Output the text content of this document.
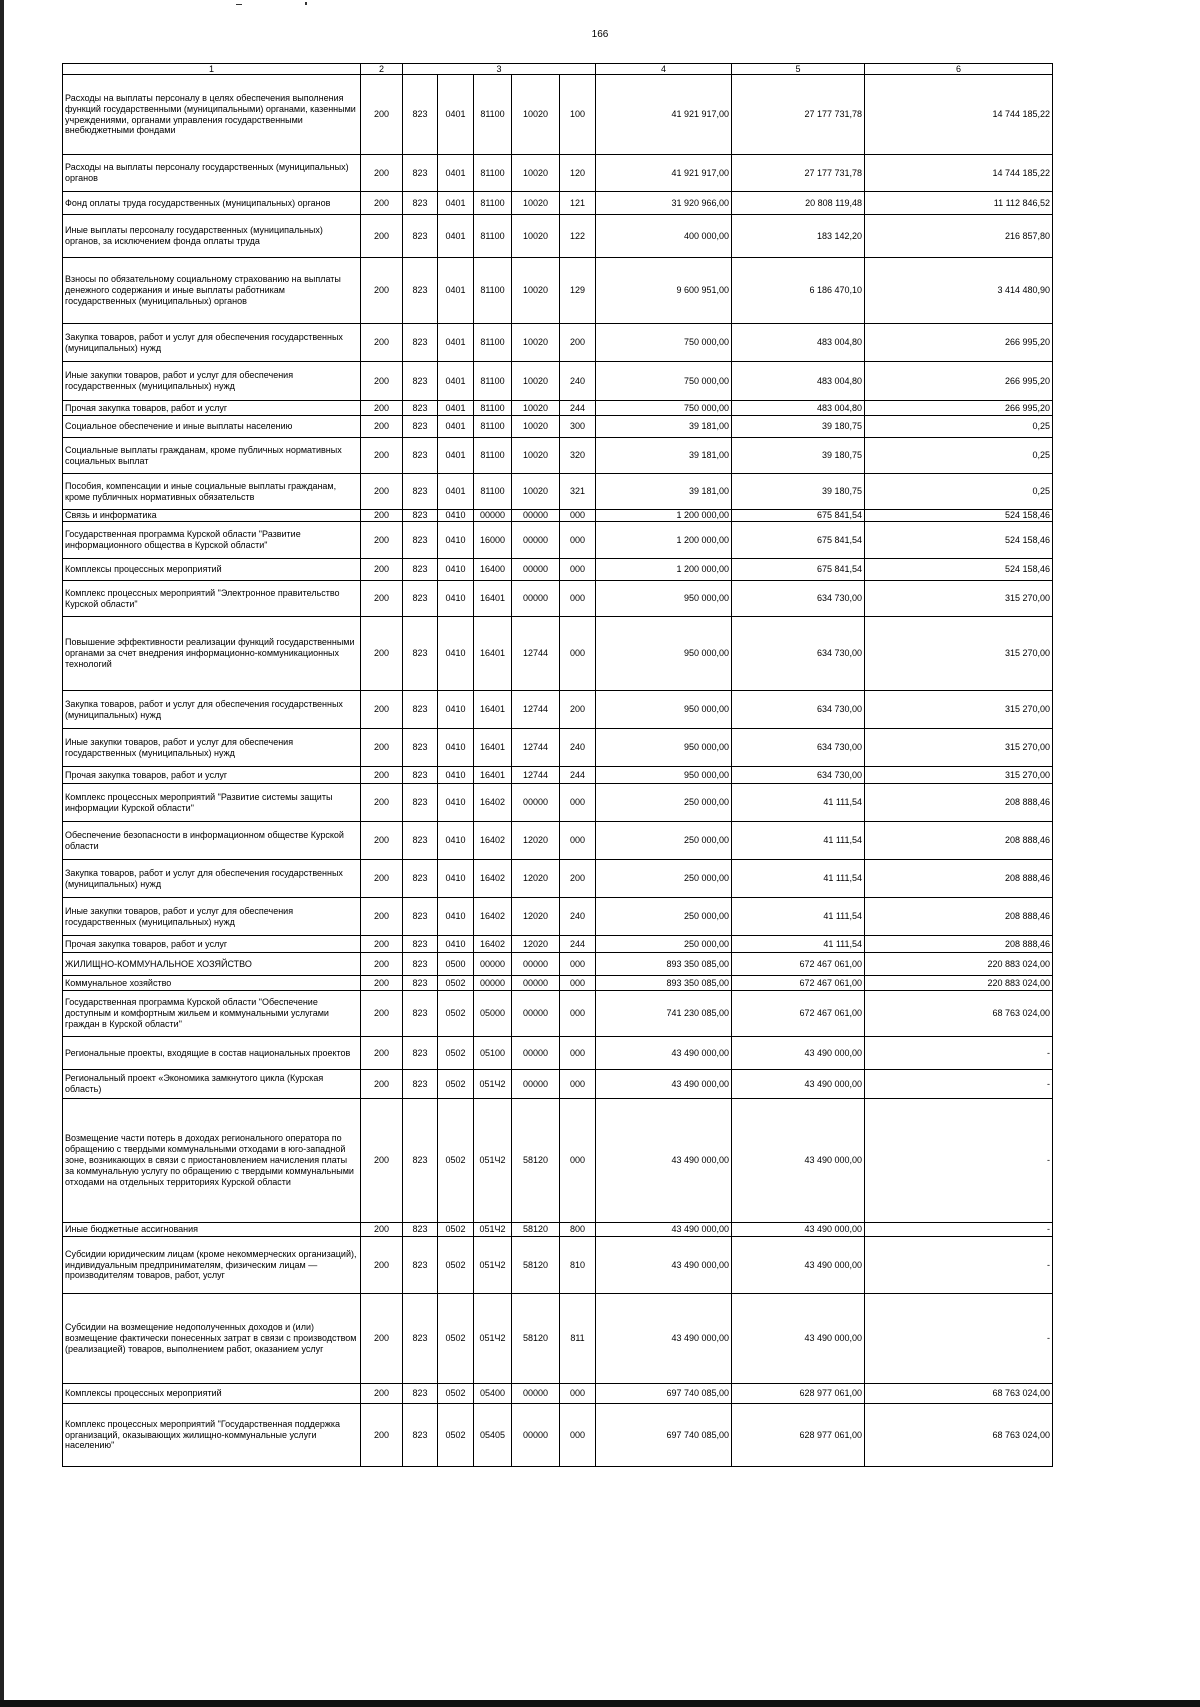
166
1	2	3					4	5	6
Расходы на выплаты персоналу в целях обеспечения выполнения функций государственными (муниципальными) органами, казенными учреждениями, органами управления государственными внебюджетными фондами	200	823	0401	81100	10020	100	41 921 917,00	27 177 731,78	14 744 185,22
Расходы на выплаты персоналу государственных (муниципальных) органов	200	823	0401	81100	10020	120	41 921 917,00	27 177 731,78	14 744 185,22
Фонд оплаты труда государственных (муниципальных) органов	200	823	0401	81100	10020	121	31 920 966,00	20 808 119,48	11 112 846,52
Иные выплаты персоналу государственных (муниципальных) органов, за исключением фонда оплаты труда	200	823	0401	81100	10020	122	400 000,00	183 142,20	216 857,80
Взносы по обязательному социальному страхованию на выплаты денежного содержания и иные выплаты работникам государственных (муниципальных) органов	200	823	0401	81100	10020	129	9 600 951,00	6 186 470,10	3 414 480,90
Закупка товаров, работ и услуг для обеспечения государственных (муниципальных) нужд	200	823	0401	81100	10020	200	750 000,00	483 004,80	266 995,20
Иные закупки товаров, работ и услуг для обеспечения государственных (муниципальных) нужд	200	823	0401	81100	10020	240	750 000,00	483 004,80	266 995,20
Прочая закупка товаров, работ и услуг	200	823	0401	81100	10020	244	750 000,00	483 004,80	266 995,20
Социальное обеспечение и иные выплаты населению	200	823	0401	81100	10020	300	39 181,00	39 180,75	0,25
Социальные выплаты гражданам, кроме публичных нормативных социальных выплат	200	823	0401	81100	10020	320	39 181,00	39 180,75	0,25
Пособия, компенсации и иные социальные выплаты гражданам, кроме публичных нормативных обязательств	200	823	0401	81100	10020	321	39 181,00	39 180,75	0,25
Связь и информатика	200	823	0410	00000	00000	000	1 200 000,00	675 841,54	524 158,46
Государственная программа Курской области "Развитие информационного общества в Курской области"	200	823	0410	16000	00000	000	1 200 000,00	675 841,54	524 158,46
Комплексы процессных мероприятий	200	823	0410	16400	00000	000	1 200 000,00	675 841,54	524 158,46
Комплекс процессных мероприятий "Электронное правительство Курской области"	200	823	0410	16401	00000	000	950 000,00	634 730,00	315 270,00
Повышение эффективности реализации функций государственными органами за счет внедрения информационно-коммуникационных технологий	200	823	0410	16401	12744	000	950 000,00	634 730,00	315 270,00
Закупка товаров, работ и услуг для обеспечения государственных (муниципальных) нужд	200	823	0410	16401	12744	200	950 000,00	634 730,00	315 270,00
Иные закупки товаров, работ и услуг для обеспечения государственных (муниципальных) нужд	200	823	0410	16401	12744	240	950 000,00	634 730,00	315 270,00
Прочая закупка товаров, работ и услуг	200	823	0410	16401	12744	244	950 000,00	634 730,00	315 270,00
Комплекс процессных мероприятий "Развитие системы защиты информации Курской области"	200	823	0410	16402	00000	000	250 000,00	41 111,54	208 888,46
Обеспечение безопасности в информационном обществе Курской области	200	823	0410	16402	12020	000	250 000,00	41 111,54	208 888,46
Закупка товаров, работ и услуг для обеспечения государственных (муниципальных) нужд	200	823	0410	16402	12020	200	250 000,00	41 111,54	208 888,46
Иные закупки товаров, работ и услуг для обеспечения государственных (муниципальных) нужд	200	823	0410	16402	12020	240	250 000,00	41 111,54	208 888,46
Прочая закупка товаров, работ и услуг	200	823	0410	16402	12020	244	250 000,00	41 111,54	208 888,46
ЖИЛИЩНО-КОММУНАЛЬНОЕ ХОЗЯЙСТВО	200	823	0500	00000	00000	000	893 350 085,00	672 467 061,00	220 883 024,00
Коммунальное хозяйство	200	823	0502	00000	00000	000	893 350 085,00	672 467 061,00	220 883 024,00
Государственная программа Курской области "Обеспечение доступным и комфортным жильем и коммунальными услугами граждан в Курской области"	200	823	0502	05000	00000	000	741 230 085,00	672 467 061,00	68 763 024,00
Региональные проекты, входящие в состав национальных проектов	200	823	0502	05100	00000	000	43 490 000,00	43 490 000,00	-
Региональный проект «Экономика замкнутого цикла (Курская область)	200	823	0502	051Ч2	00000	000	43 490 000,00	43 490 000,00	-
Возмещение части потерь в доходах регионального оператора по обращению с твердыми коммунальными отходами в юго-западной зоне, возникающих в связи с приостановлением начисления платы за коммунальную услугу по обращению с твердыми коммунальными отходами на отдельных территориях Курской области	200	823	0502	051Ч2	58120	000	43 490 000,00	43 490 000,00	-
Иные бюджетные ассигнования	200	823	0502	051Ч2	58120	800	43 490 000,00	43 490 000,00	-
Субсидии юридическим лицам (кроме некоммерческих организаций), индивидуальным предпринимателям, физическим лицам — производителям товаров, работ, услуг	200	823	0502	051Ч2	58120	810	43 490 000,00	43 490 000,00	-
Субсидии на возмещение недополученных доходов и (или) возмещение фактически понесенных затрат в связи с производством (реализацией) товаров, выполнением работ, оказанием услуг	200	823	0502	051Ч2	58120	811	43 490 000,00	43 490 000,00	-
Комплексы процессных мероприятий	200	823	0502	05400	00000	000	697 740 085,00	628 977 061,00	68 763 024,00
Комплекс процессных мероприятий "Государственная поддержка организаций, оказывающих жилищно-коммунальные услуги населению"	200	823	0502	05405	00000	000	697 740 085,00	628 977 061,00	68 763 024,00
